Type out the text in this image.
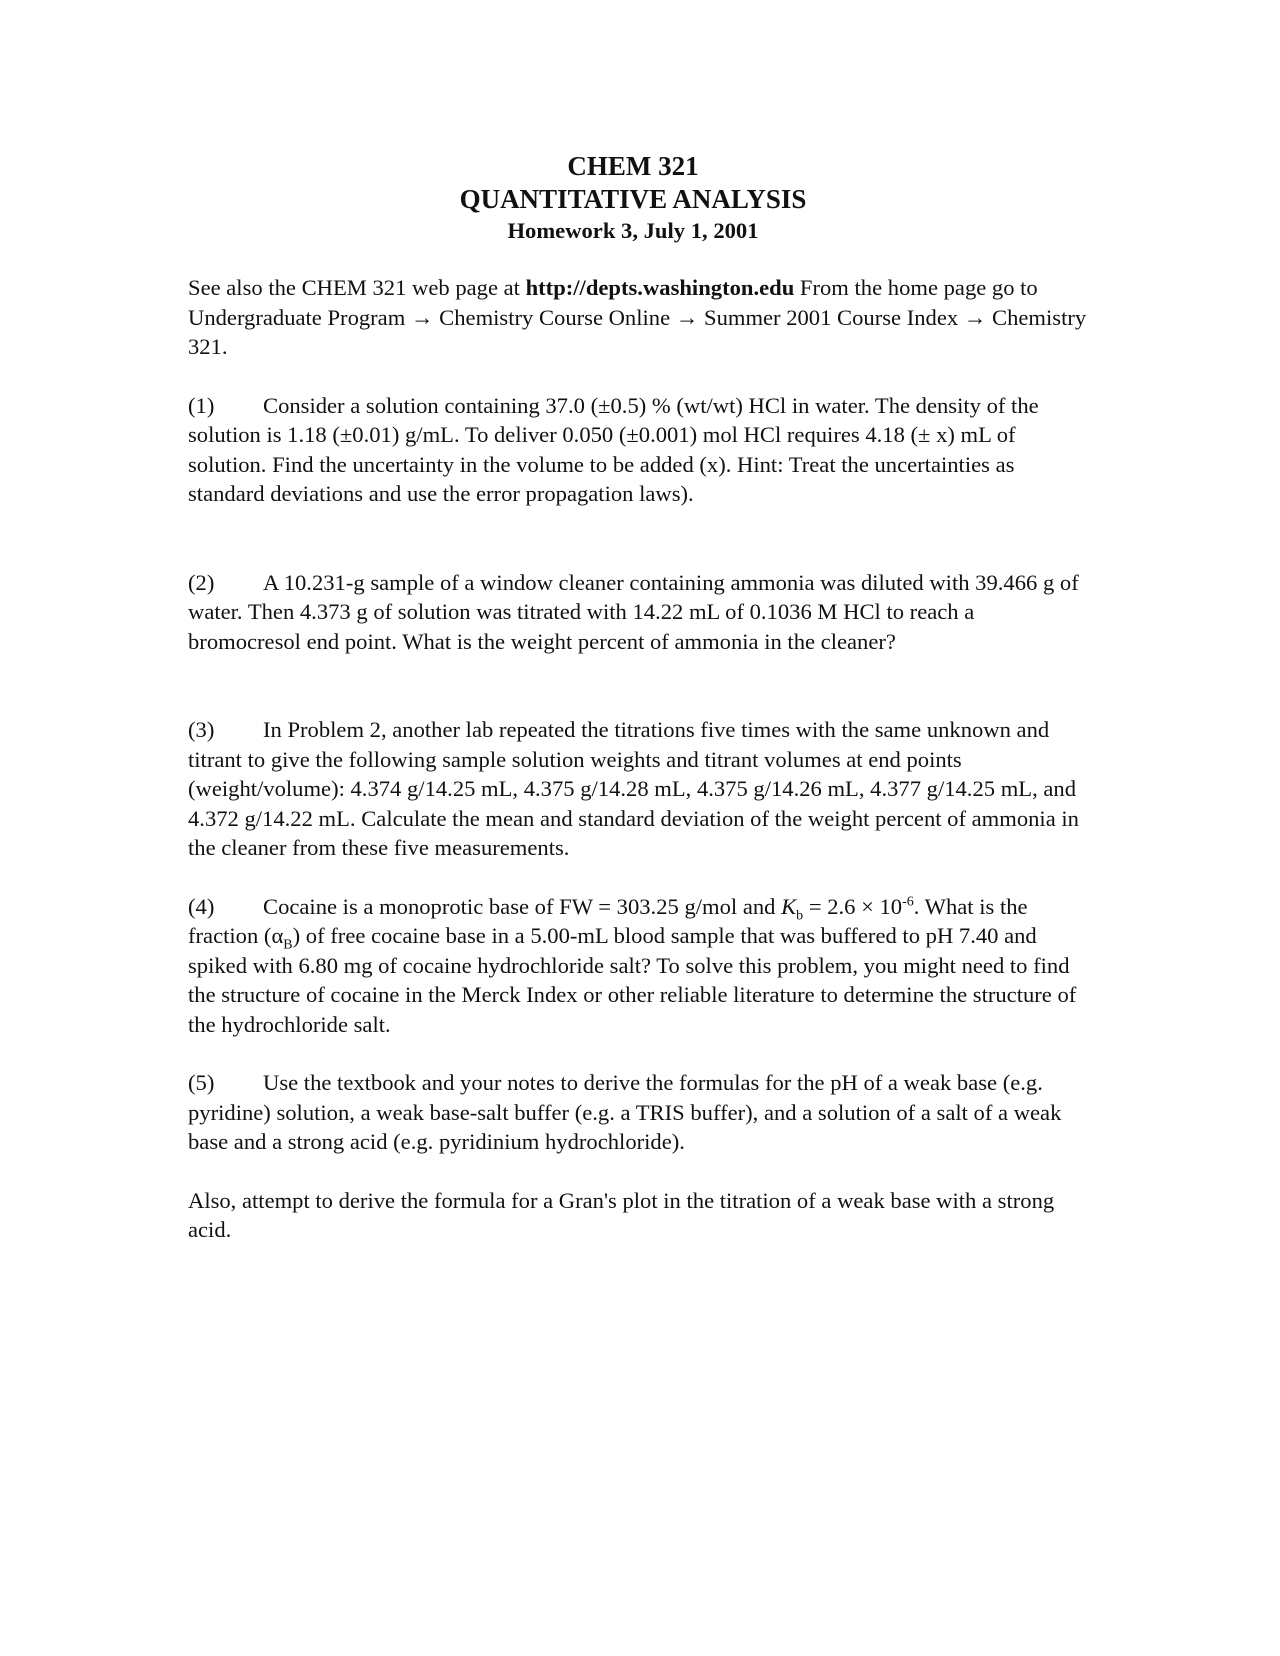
CHEM 321
QUANTITATIVE ANALYSIS
Homework 3, July 1, 2001
See also the CHEM 321 web page at http://depts.washington.edu From the home page go to Undergraduate Program → Chemistry Course Online → Summer 2001 Course Index → Chemistry 321.
(1) Consider a solution containing 37.0 (±0.5) % (wt/wt) HCl in water. The density of the solution is 1.18 (±0.01) g/mL. To deliver 0.050 (±0.001) mol HCl requires 4.18 (± x) mL of solution. Find the uncertainty in the volume to be added (x). Hint: Treat the uncertainties as standard deviations and use the error propagation laws).
(2) A 10.231-g sample of a window cleaner containing ammonia was diluted with 39.466 g of water. Then 4.373 g of solution was titrated with 14.22 mL of 0.1036 M HCl to reach a bromocresol end point. What is the weight percent of ammonia in the cleaner?
(3) In Problem 2, another lab repeated the titrations five times with the same unknown and titrant to give the following sample solution weights and titrant volumes at end points (weight/volume): 4.374 g/14.25 mL, 4.375 g/14.28 mL, 4.375 g/14.26 mL, 4.377 g/14.25 mL, and 4.372 g/14.22 mL. Calculate the mean and standard deviation of the weight percent of ammonia in the cleaner from these five measurements.
(4) Cocaine is a monoprotic base of FW = 303.25 g/mol and $K_b = 2.6 \times 10^{-6}$. What is the fraction $(\alpha_B)$ of free cocaine base in a 5.00-mL blood sample that was buffered to pH 7.40 and spiked with 6.80 mg of cocaine hydrochloride salt? To solve this problem, you might need to find the structure of cocaine in the Merck Index or other reliable literature to determine the structure of the hydrochloride salt.
(5) Use the textbook and your notes to derive the formulas for the pH of a weak base (e.g. pyridine) solution, a weak base-salt buffer (e.g. a TRIS buffer), and a solution of a salt of a weak base and a strong acid (e.g. pyridinium hydrochloride).
Also, attempt to derive the formula for a Gran's plot in the titration of a weak base with a strong acid.
